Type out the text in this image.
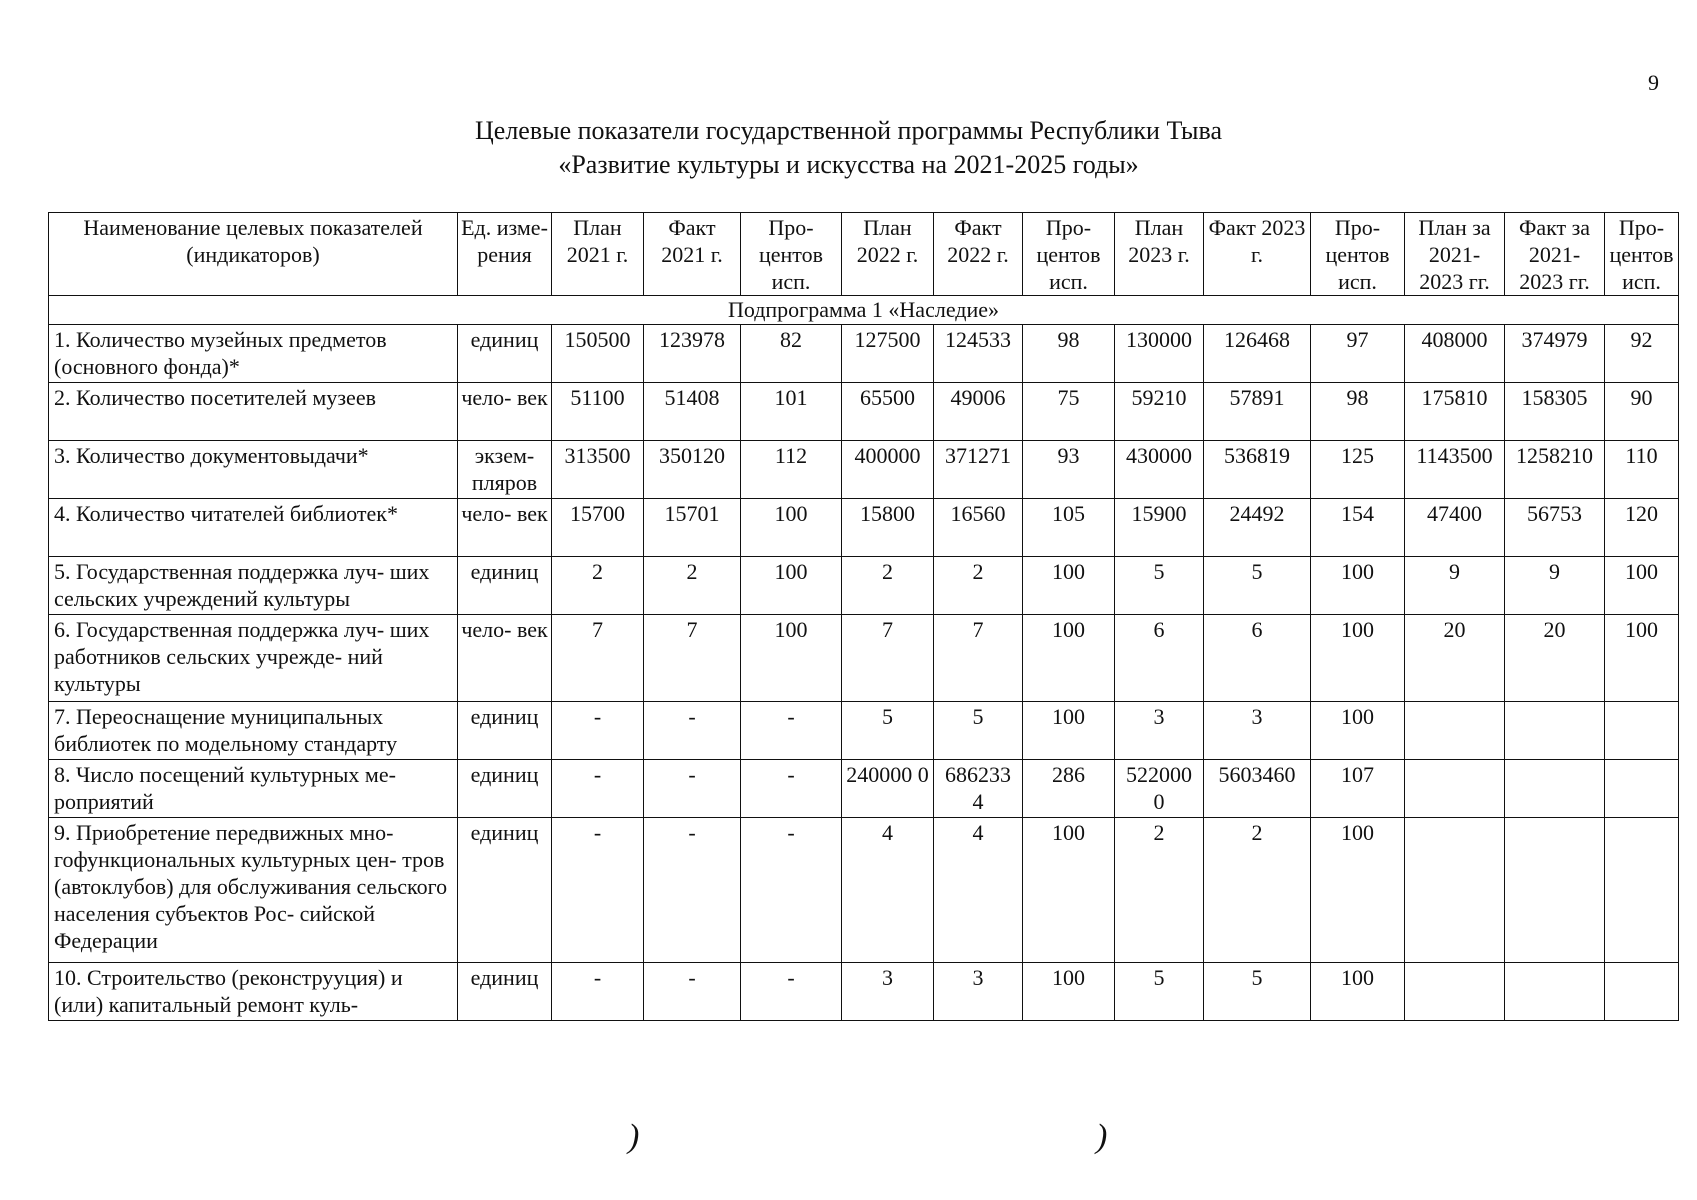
9
Целевые показатели государственной программы Республики Тыва
«Развитие культуры и искусства на 2021-2025 годы»
Наименование целевых показателей (индикаторов)	Ед. изме- рения	План 2021 г.	Факт 2021 г.	Про- центов исп.	План 2022 г.	Факт 2022 г.	Про- центов исп.	План 2023 г.	Факт 2023 г.	Про- центов исп.	План за 2021- 2023 гг.	Факт за 2021- 2023 гг.	Про- центов исп.
Подпрограмма 1 «Наследие»													
1. Количество музейных предметов (основного фонда)*	единиц	150500	123978	82	127500	124533	98	130000	126468	97	408000	374979	92
2. Количество посетителей музеев	чело- век	51100	51408	101	65500	49006	75	59210	57891	98	175810	158305	90
3. Количество документовыдачи*	экзем- пляров	313500	350120	112	400000	371271	93	430000	536819	125	1143500	1258210	110
4. Количество читателей библиотек*	чело- век	15700	15701	100	15800	16560	105	15900	24492	154	47400	56753	120
5. Государственная поддержка луч- ших сельских учреждений культуры	единиц	2	2	100	2	2	100	5	5	100	9	9	100
6. Государственная поддержка луч- ших работников сельских учрежде- ний культуры	чело- век	7	7	100	7	7	100	6	6	100	20	20	100
7. Переоснащение муниципальных библиотек по модельному стандарту	единиц	-	-	-	5	5	100	3	3	100			
8. Число посещений культурных ме- роприятий	единиц	-	-	-	240000 0	686233 4	286	522000 0	5603460	107			
9. Приобретение передвижных мно- гофункциональных культурных цен- тров (автоклубов) для обслуживания сельского населения субъектов Рос- сийской Федерации	единиц	-	-	-	4	4	100	2	2	100			
10. Строительство (реконструуция) и (или) капитальный ремонт куль-	единиц	-	-	-	3	3	100	5	5	100			
)	)
